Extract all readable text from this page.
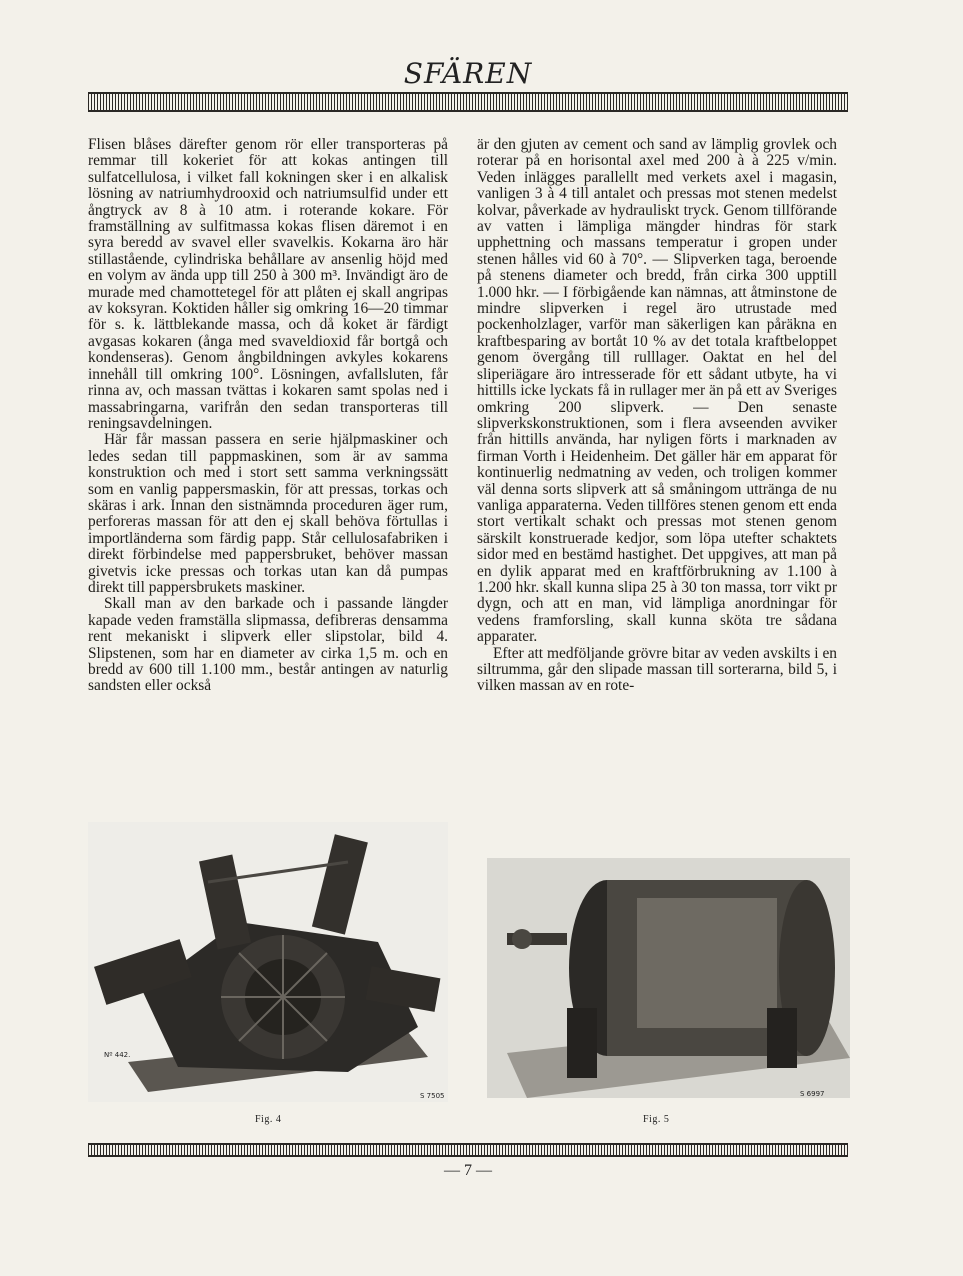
SFÄREN

Flisen blåses därefter genom rör eller transporteras på remmar till kokeriet för att kokas antingen till sulfatcellulosa, i vilket fall kokningen sker i en alkalisk lösning av natriumhydrooxid och natriumsulfid under ett ångtryck av 8 à 10 atm. i roterande kokare. För framställning av sulfitmassa kokas flisen däremot i en syra beredd av svavel eller svavelkis. Kokarna äro här stillastående, cylindriska behållare av ansenlig höjd med en volym av ända upp till 250 à 300 m³. Invändigt äro de murade med chamottetegel för att plåten ej skall angripas av koksyran. Koktiden håller sig omkring 16—20 timmar för s. k. lättblekande massa, och då koket är färdigt avgasas kokaren (ånga med svaveldioxid får bortgå och kondenseras). Genom ångbildningen avkyles kokarens innehåll till omkring 100°. Lösningen, avfallsluten, får rinna av, och massan tvättas i kokaren samt spolas ned i massabringarna, varifrån den sedan transporteras till reningsavdelningen.

Här får massan passera en serie hjälpmaskiner och ledes sedan till pappmaskinen, som är av samma konstruktion och med i stort sett samma verkningssätt som en vanlig pappersmaskin, för att pressas, torkas och skäras i ark. Innan den sistnämnda proceduren äger rum, perforeras massan för att den ej skall behöva förtullas i importländerna som färdig papp. Står cellulosafabriken i direkt förbindelse med pappersbruket, behöver massan givetvis icke pressas och torkas utan kan då pumpas direkt till pappersbrukets maskiner.

Skall man av den barkade och i passande längder kapade veden framställa slipmassa, defibreras densamma rent mekaniskt i slipverk eller slipstolar, bild 4. Slipstenen, som har en diameter av cirka 1,5 m. och en bredd av 600 till 1.100 mm., består antingen av naturlig sandsten eller också

är den gjuten av cement och sand av lämplig grovlek och roterar på en horisontal axel med 200 à à 225 v/min. Veden inlägges parallellt med verkets axel i magasin, vanligen 3 à 4 till antalet och pressas mot stenen medelst kolvar, påverkade av hydrauliskt tryck. Genom tillförande av vatten i lämpliga mängder hindras för stark upphettning och massans temperatur i gropen under stenen hålles vid 60 à 70°. — Slipverken taga, beroende på stenens diameter och bredd, från cirka 300 upptill 1.000 hkr. — I förbigående kan nämnas, att åtminstone de mindre slipverken i regel äro utrustade med pockenholzlager, varför man säkerligen kan påräkna en kraftbesparing av bortåt 10 % av det totala kraftbeloppet genom övergång till rulllager. Oaktat en hel del sliperiägare äro intresserade för ett sådant utbyte, ha vi hittills icke lyckats få in rullager mer än på ett av Sveriges omkring 200 slipverk. — Den senaste slipverkskonstruktionen, som i flera avseenden avviker från hittills använda, har nyligen förts i marknaden av firman Vorth i Heidenheim. Det gäller här em apparat för kontinuerlig nedmatning av veden, och troligen kommer väl denna sorts slipverk att så småningom utträngа de nu vanliga apparaterna. Veden tillföres stenen genom ett enda stort vertikalt schakt och pressas mot stenen genom särskilt konstruerade kedjor, som löpa utefter schaktets sidor med en bestämd hastighet. Det uppgives, att man på en dylik apparat med en kraftförbrukning av 1.100 à 1.200 hkr. skall kunna slipa 25 à 30 ton massa, torr vikt pr dygn, och att en man, vid lämpliga anordningar för vedens framforsling, skall kunna sköta tre sådana apparater.

Efter att medföljande grövre bitar av veden avskilts i en siltrumma, går den slipade massan till sorterarna, bild 5, i vilken massan av en rote-

Nº 442.
S 7505
Fig. 4
S 6997
Fig. 5
— 7 —
